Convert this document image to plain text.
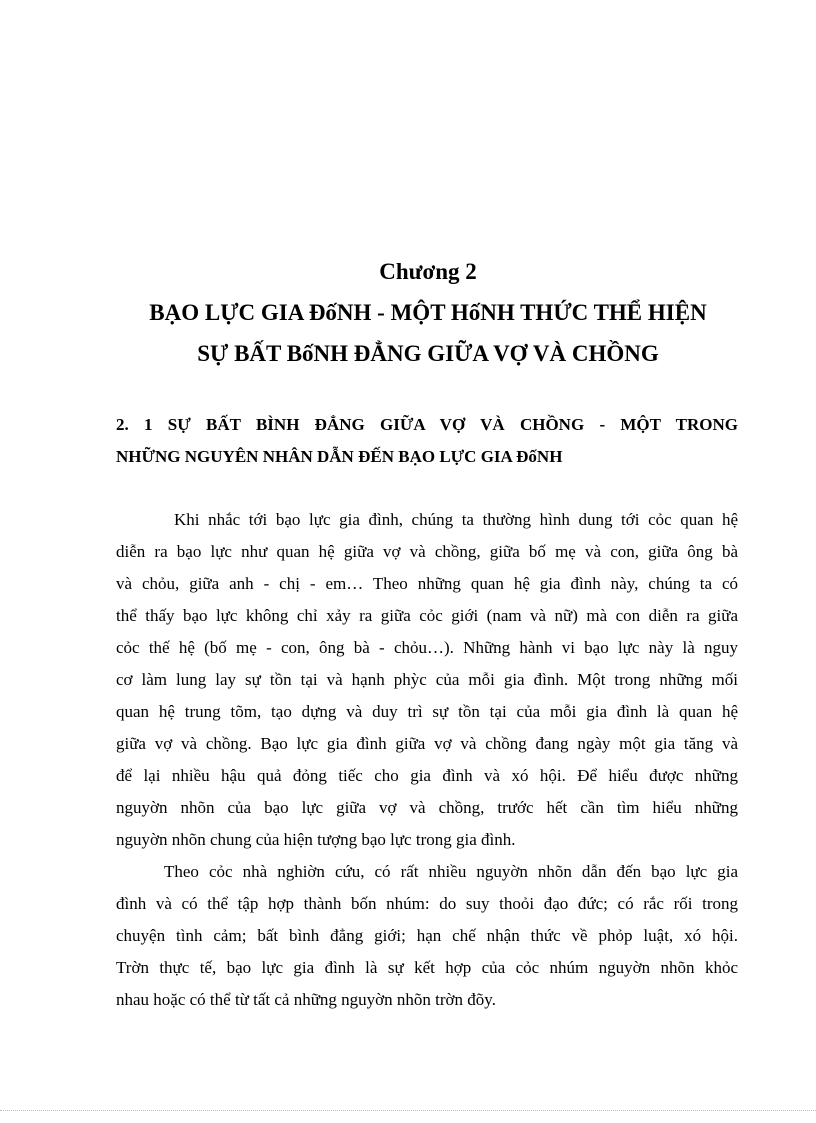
Chương 2
BẠO LỰC GIA ĐốNH - MỘT HốNH THỨC THỂ HIỆN
SỰ BẤT BốNH ĐẲNG GIỮA VỢ VÀ CHỒNG
2. 1 SỰ BẤT BÌNH ĐẲNG GIỮA VỢ VÀ CHỒNG - MỘT TRONG
NHỮNG NGUYÊN NHÂN DẪN ĐẾN BẠO LỰC GIA ĐốNH
Khi nhắc tới bạo lực gia đình, chúng ta thường hình dung tới cỏc quan hệ
diễn ra bạo lực như quan hệ giữa vợ và chồng, giữa bố mẹ và con, giữa ông bà
và chỏu, giữa anh - chị - em… Theo những quan hệ gia đình này, chúng ta có
thể thấy bạo lực không chỉ xảy ra giữa cỏc giới (nam và nữ) mà con diễn ra giữa
cỏc thế hệ (bố mẹ - con, ông bà - chỏu…). Những hành vi bạo lực này là nguy
cơ làm lung lay sự tồn tại và hạnh phỳc của mỗi gia đình. Một trong những mối
quan hệ trung tõm, tạo dựng và duy trì sự tồn tại của mỗi gia đình là quan hệ
giữa vợ và chồng. Bạo lực gia đình giữa vợ và chồng đang ngày một gia tăng và
để lại nhiều hậu quả đỏng tiếc cho gia đình và xó hội. Để hiểu được những
nguyờn nhõn của bạo lực giữa vợ và chồng, trước hết cần tìm hiểu những
nguyờn nhõn chung của hiện tượng bạo lực trong gia đình.
Theo cỏc nhà nghiờn cứu, có rất nhiều nguyờn nhõn dẫn đến bạo lực gia
đình và có thể tập hợp thành bốn nhúm: do suy thoỏi đạo đức; có rắc rối trong
chuyện tình cảm; bất bình đẳng giới; hạn chế nhận thức về phỏp luật, xó hội.
Trờn thực tế, bạo lực gia đình là sự kết hợp của cỏc nhúm nguyờn nhõn khỏc
nhau hoặc có thể từ tất cả những nguyờn nhõn trờn đõy.
